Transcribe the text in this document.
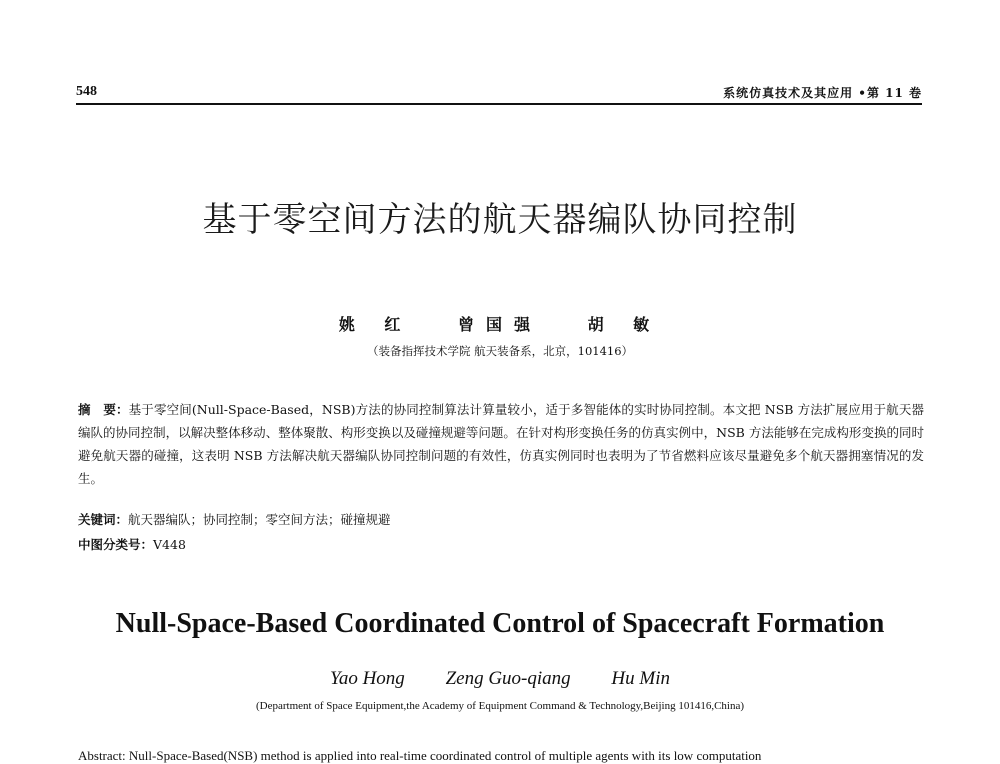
548	系统仿真技术及其应用 •第 11 卷
基于零空间方法的航天器编队协同控制
姚 红	曾国强	胡 敏
（装备指挥技术学院 航天装备系，北京，101416）

摘　要：基于零空间(Null-Space-Based，NSB)方法的协同控制算法计算量较小，适于多智能体的实时协同控制。本文把 NSB 方法扩展应用于航天器编队的协同控制，以解决整体移动、整体聚散、构形变换以及碰撞规避等问题。在针对构形变换任务的仿真实例中，NSB 方法能够在完成构形变换的同时避免航天器的碰撞，这表明 NSB 方法解决航天器编队协同控制问题的有效性，仿真实例同时也表明为了节省燃料应该尽量避免多个航天器拥塞情况的发生。

关键词：航天器编队；协同控制；零空间方法；碰撞规避
中图分类号：V448
Null-Space-Based Coordinated Control of Spacecraft Formation
Yao Hong Zeng Guo-qiang Hu Min
(Department of Space Equipment,the Academy of Equipment Command & Technology,Beijing 101416,China)
Abstract: Null-Space-Based(NSB) method is applied into real-time coordinated control of multiple agents with its low computation
